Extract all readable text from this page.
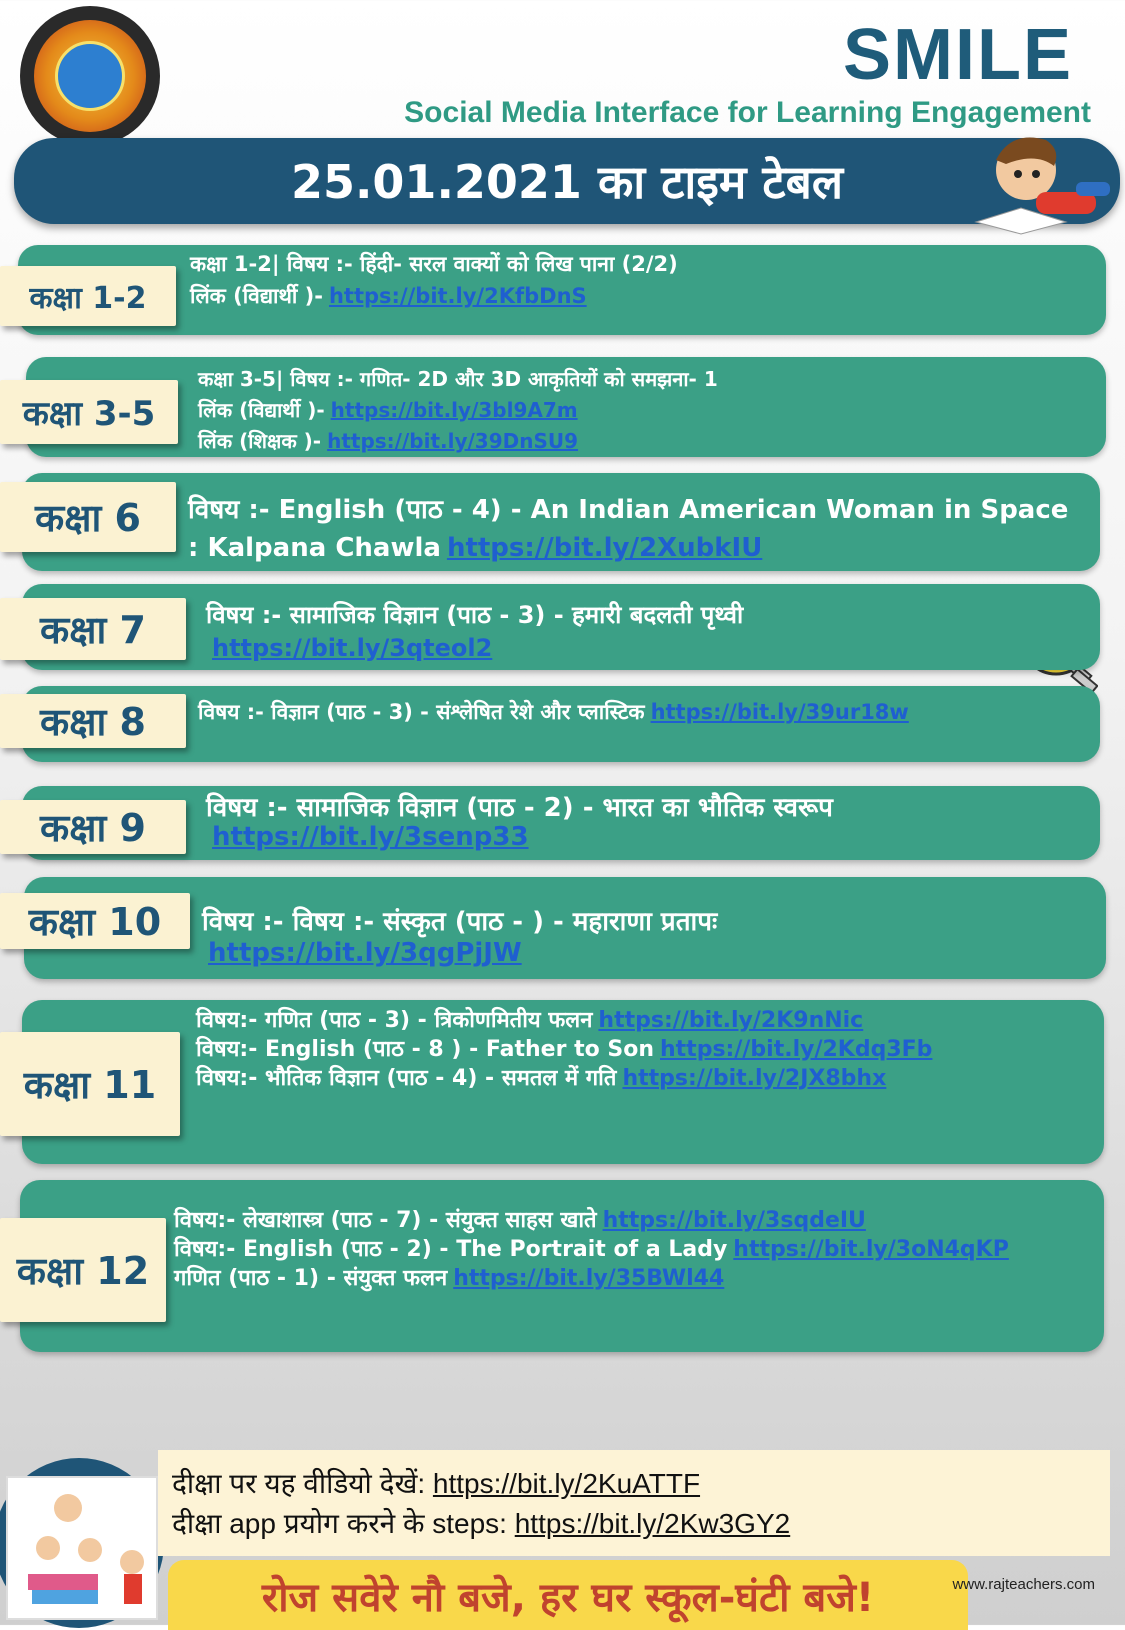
SMILE
Social Media Interface for Learning Engagement
25.01.2021 का टाइम टेबल
कक्षा 1-2
कक्षा 1-2| विषय :- हिंदी- सरल वाक्यों को लिख पाना (2/2)
लिंक (विद्यार्थी )- https://bit.ly/2KfbDnS
कक्षा 3-5
कक्षा 3-5| विषय :- गणित- 2D और 3D आकृतियों को समझना- 1
लिंक (विद्यार्थी )- https://bit.ly/3bl9A7m
लिंक (शिक्षक )- https://bit.ly/39DnSU9
कक्षा 6	विषय :- English (पाठ - 4) - An Indian American Woman in Space
: Kalpana Chawla https://bit.ly/2XubkIU
कक्षा 7	विषय :- सामाजिक विज्ञान (पाठ - 3) - हमारी बदलती पृथ्वी
https://bit.ly/3qteol2
कक्षा 8	विषय :- विज्ञान (पाठ - 3) - संश्लेषित रेशे और प्लास्टिक https://bit.ly/39ur18w
कक्षा 9	विषय :- सामाजिक विज्ञान (पाठ - 2) - भारत का भौतिक स्वरूप
https://bit.ly/3senp33
कक्षा 10	विषय :- विषय :- संस्कृत (पाठ - ) - महाराणा प्रतापः
https://bit.ly/3qgPjJW
कक्षा 11
विषय:- गणित (पाठ - 3) - त्रिकोणमितीय फलन https://bit.ly/2K9nNic
विषय:- English (पाठ - 8 ) - Father to Son https://bit.ly/2Kdq3Fb
विषय:- भौतिक विज्ञान (पाठ - 4) - समतल में गति https://bit.ly/2JX8bhx
कक्षा 12
विषय:- लेखाशास्त्र (पाठ - 7) - संयुक्त साहस खाते https://bit.ly/3sqdeIU
विषय:- English (पाठ - 2) - The Portrait of a Lady https://bit.ly/3oN4qKP
गणित (पाठ - 1) - संयुक्त फलन https://bit.ly/35BWl44
दीक्षा पर यह वीडियो देखें: https://bit.ly/2KuATTF
दीक्षा app प्रयोग करने के steps: https://bit.ly/2Kw3GY2
रोज सवेरे नौ बजे, हर घर स्कूल-घंटी बजे!	www.rajteachers.com
